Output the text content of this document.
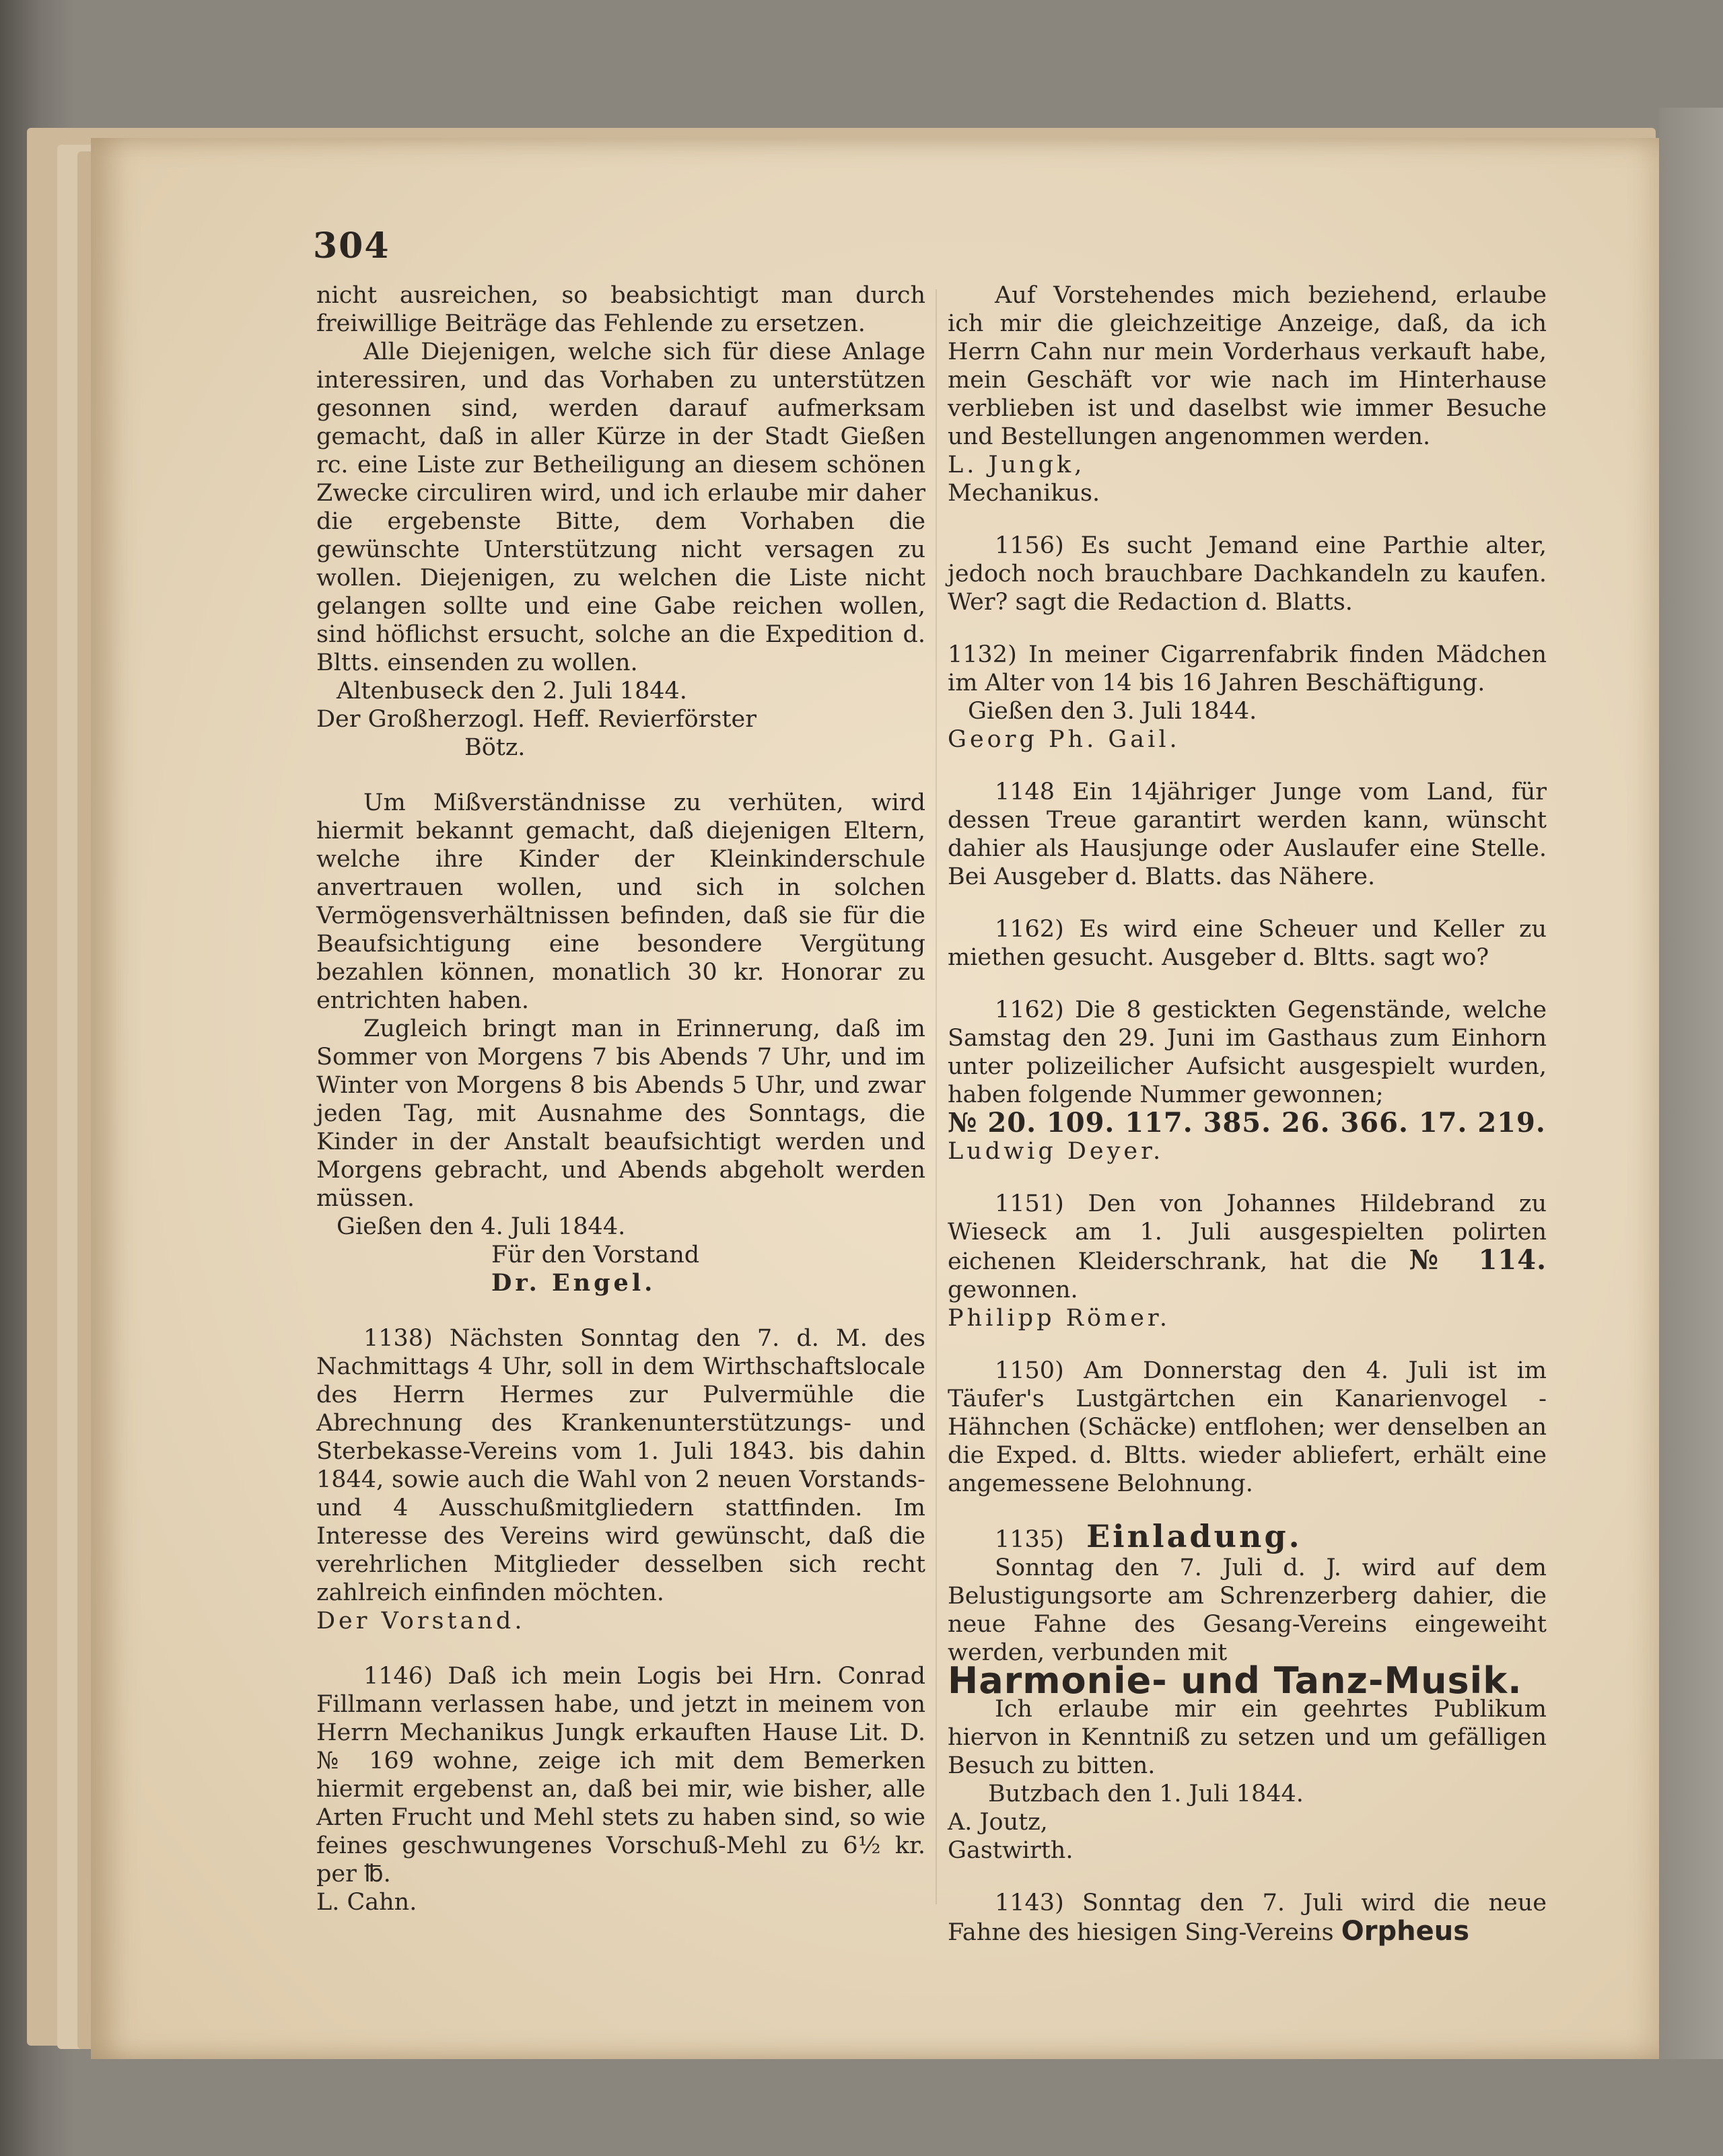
304

nicht ausreichen, so beabsichtigt man durch freiwillige Beiträge das Fehlende zu ersetzen.

Alle Diejenigen, welche sich für diese Anlage interessiren, und das Vorhaben zu unterstützen gesonnen sind, werden darauf aufmerksam gemacht, daß in aller Kürze in der Stadt Gießen rc. eine Liste zur Betheiligung an diesem schönen Zwecke circuliren wird, und ich erlaube mir daher die ergebenste Bitte, dem Vorhaben die gewünschte Unterstützung nicht versagen zu wollen. Diejenigen, zu welchen die Liste nicht gelangen sollte und eine Gabe reichen wollen, sind höflichst ersucht, solche an die Expedition d. Bltts. einsenden zu wollen.

Altenbuseck den 2. Juli 1844.

Der Großherzogl. Heff. Revierförster

Bötz.

Um Mißverständnisse zu verhüten, wird hiermit bekannt gemacht, daß diejenigen Eltern, welche ihre Kinder der Kleinkinderschule anvertrauen wollen, und sich in solchen Vermögensverhältnissen befinden, daß sie für die Beaufsichtigung eine besondere Vergütung bezahlen können, monatlich 30 kr. Honorar zu entrichten haben.

Zugleich bringt man in Erinnerung, daß im Sommer von Morgens 7 bis Abends 7 Uhr, und im Winter von Morgens 8 bis Abends 5 Uhr, und zwar jeden Tag, mit Ausnahme des Sonntags, die Kinder in der Anstalt beaufsichtigt werden und Morgens gebracht, und Abends abgeholt werden müssen.

Gießen den 4. Juli 1844.

Für den Vorstand

Dr. Engel.

1138) Nächsten Sonntag den 7. d. M. des Nachmittags 4 Uhr, soll in dem Wirthschaftslocale des Herrn Hermes zur Pulvermühle die Abrechnung des Krankenunterstützungs- und Sterbekasse-Vereins vom 1. Juli 1843. bis dahin 1844, sowie auch die Wahl von 2 neuen Vorstands- und 4 Ausschußmitgliedern stattfinden. Im Interesse des Vereins wird gewünscht, daß die verehrlichen Mitglieder desselben sich recht zahlreich einfinden möchten.

Der Vorstand.

1146) Daß ich mein Logis bei Hrn. Conrad Fillmann verlassen habe, und jetzt in meinem von Herrn Mechanikus Jungk erkauften Hause Lit. D. № 169 wohne, zeige ich mit dem Bemerken hiermit ergebenst an, daß bei mir, wie bisher, alle Arten Frucht und Mehl stets zu haben sind, so wie feines geschwungenes Vorschuß-Mehl zu 6½ kr. per ℔.

L. Cahn.

Auf Vorstehendes mich beziehend, erlaube ich mir die gleichzeitige Anzeige, daß, da ich Herrn Cahn nur mein Vorderhaus verkauft habe, mein Geschäft vor wie nach im Hinterhause verblieben ist und daselbst wie immer Besuche und Bestellungen angenommen werden.

L. Jungk,

Mechanikus.

1156) Es sucht Jemand eine Parthie alter, jedoch noch brauchbare Dachkandeln zu kaufen. Wer? sagt die Redaction d. Blatts.

1132) In meiner Cigarrenfabrik finden Mädchen im Alter von 14 bis 16 Jahren Beschäftigung.

Gießen den 3. Juli 1844.

Georg Ph. Gail.

1148 Ein 14jähriger Junge vom Land, für dessen Treue garantirt werden kann, wünscht dahier als Hausjunge oder Auslaufer eine Stelle. Bei Ausgeber d. Blatts. das Nähere.

1162) Es wird eine Scheuer und Keller zu miethen gesucht. Ausgeber d. Bltts. sagt wo?

1162) Die 8 gestickten Gegenstände, welche Samstag den 29. Juni im Gasthaus zum Einhorn unter polizeilicher Aufsicht ausgespielt wurden, haben folgende Nummer gewonnen;

№ 20. 109. 117. 385. 26. 366. 17. 219.

Ludwig Deyer.

1151) Den von Johannes Hildebrand zu Wieseck am 1. Juli ausgespielten polirten eichenen Kleiderschrank, hat die № 114. gewonnen.

Philipp Römer.

1150) Am Donnerstag den 4. Juli ist im Täufer's Lustgärtchen ein Kanarienvogel - Hähnchen (Schäcke) entflohen; wer denselben an die Exped. d. Bltts. wieder abliefert, erhält eine angemessene Belohnung.

1135) Einladung.

Sonntag den 7. Juli d. J. wird auf dem Belustigungsorte am Schrenzerberg dahier, die neue Fahne des Gesang-Vereins eingeweiht werden, verbunden mit

Harmonie- und Tanz-Musik.

Ich erlaube mir ein geehrtes Publikum hiervon in Kenntniß zu setzen und um gefälligen Besuch zu bitten.

Butzbach den 1. Juli 1844.

A. Joutz,

Gastwirth.

1143) Sonntag den 7. Juli wird die neue Fahne des hiesigen Sing-Vereins Orpheus
